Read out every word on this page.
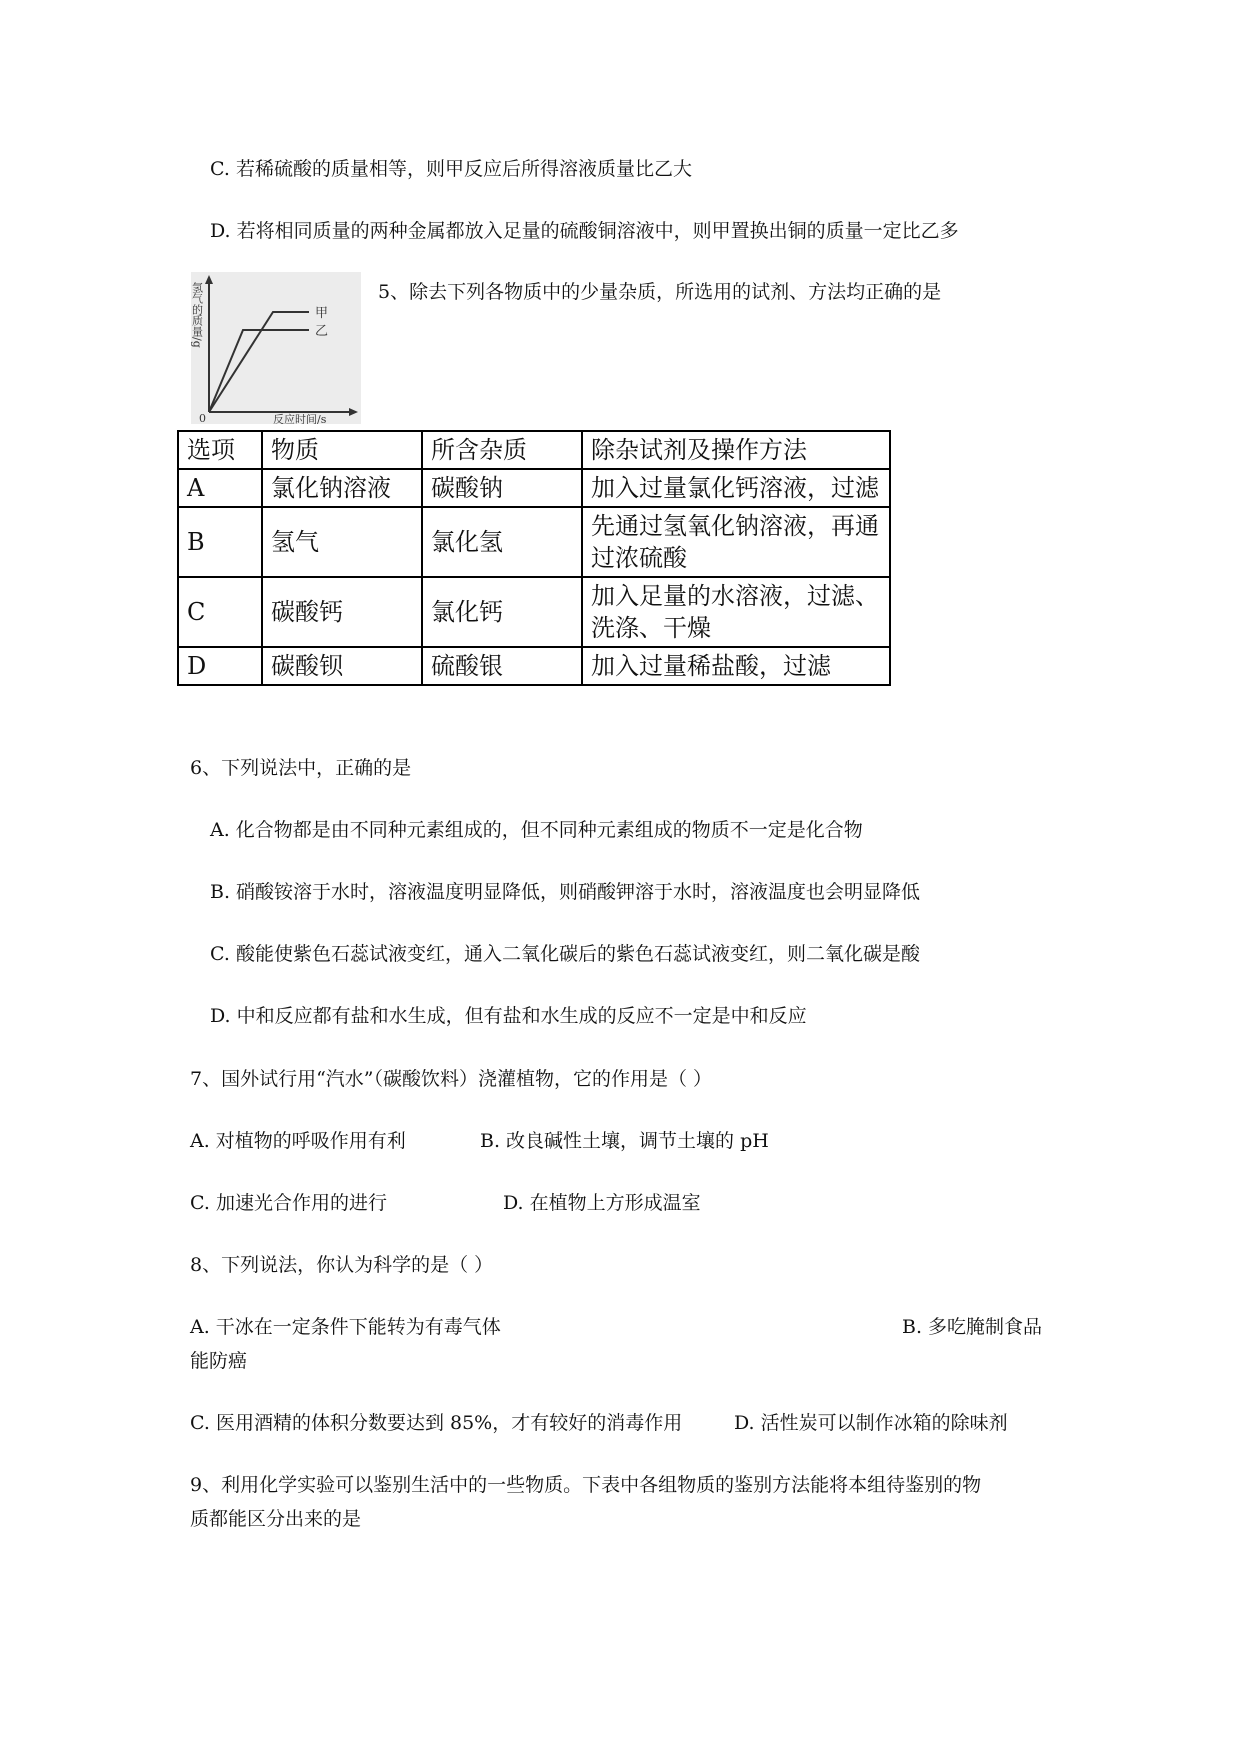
C. 若稀硫酸的质量相等，则甲反应后所得溶液质量比乙大
D. 若将相同质量的两种金属都放入足量的硫酸铜溶液中，则甲置换出铜的质量一定比乙多
甲
乙
0	反应时间/s
氢气的质量/g	5、除去下列各物质中的少量杂质，所选用的试剂、方法均正确的是
选项	物质	所含杂质	除杂试剂及操作方法
A	氯化钠溶液	碳酸钠	加入过量氯化钙溶液，过滤
B	氢气	氯化氢	先通过氢氧化钠溶液，再通过浓硫酸
C	碳酸钙	氯化钙	加入足量的水溶液，过滤、洗涤、干燥
D	碳酸钡	硫酸银	加入过量稀盐酸，过滤
6、下列说法中，正确的是
A. 化合物都是由不同种元素组成的，但不同种元素组成的物质不一定是化合物
B. 硝酸铵溶于水时，溶液温度明显降低，则硝酸钾溶于水时，溶液温度也会明显降低
C. 酸能使紫色石蕊试液变红，通入二氧化碳后的紫色石蕊试液变红，则二氧化碳是酸
D. 中和反应都有盐和水生成，但有盐和水生成的反应不一定是中和反应
7、国外试行用“汽水”（碳酸饮料）浇灌植物，它的作用是（ ）
A. 对植物的呼吸作用有利	B. 改良碱性土壤，调节土壤的 pH
C. 加速光合作用的进行	D. 在植物上方形成温室
8、下列说法，你认为科学的是（ ）
A. 干冰在一定条件下能转为有毒气体	B. 多吃腌制食品
能防癌
C. 医用酒精的体积分数要达到 85%，才有较好的消毒作用	D. 活性炭可以制作冰箱的除味剂
9、利用化学实验可以鉴别生活中的一些物质。下表中各组物质的鉴别方法能将本组待鉴别的物
质都能区分出来的是
